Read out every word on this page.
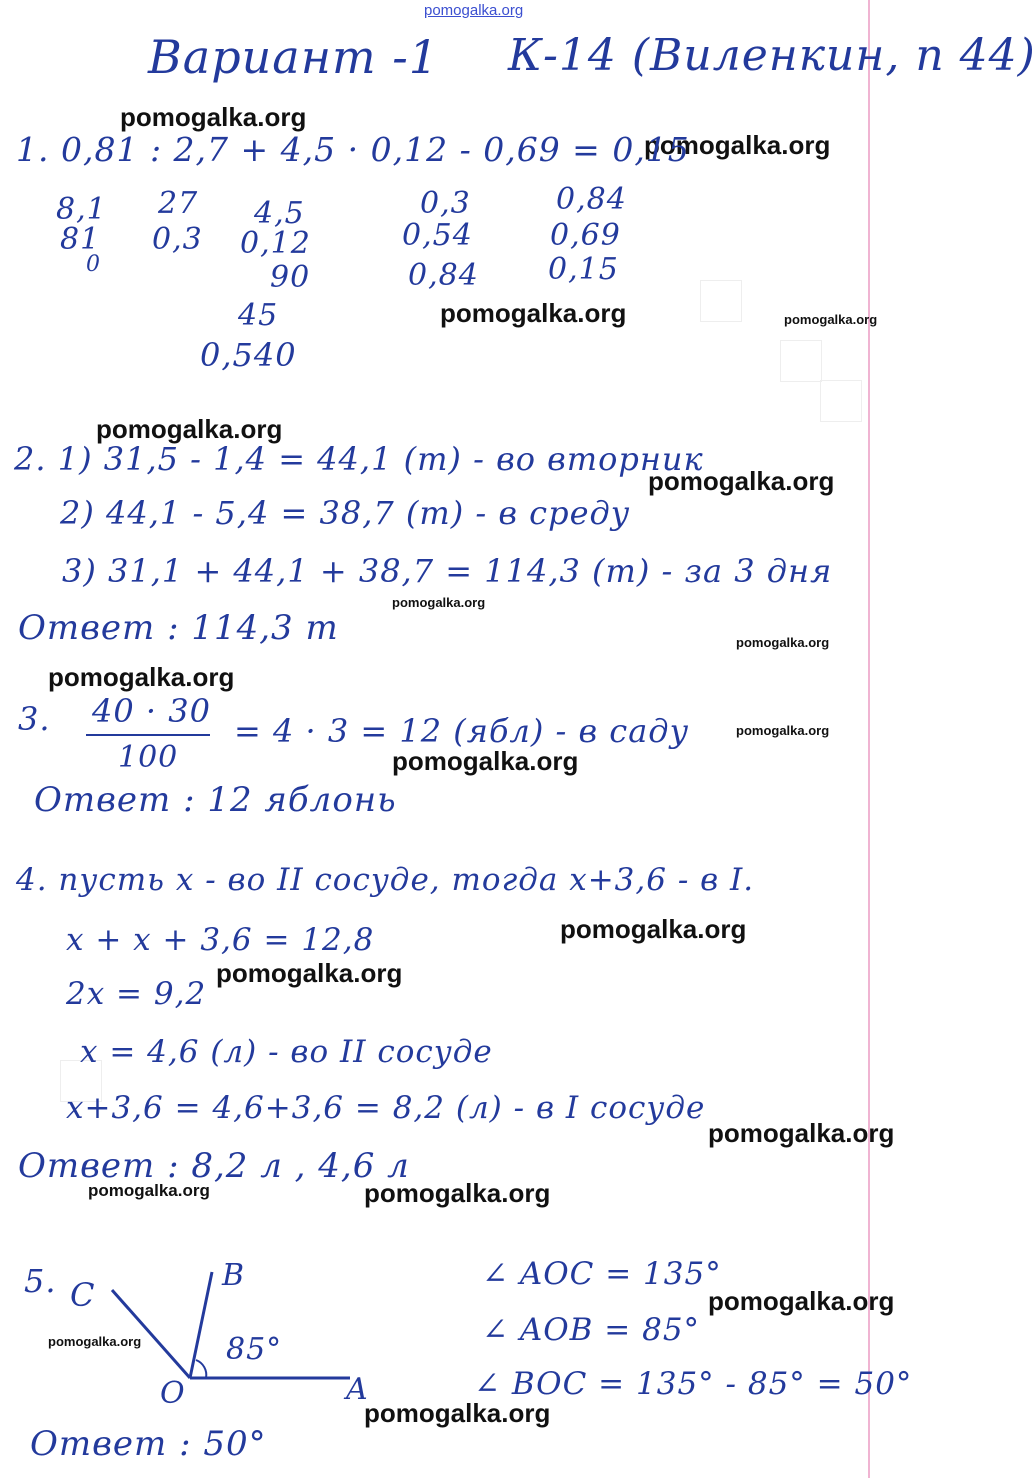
pomogalka.org
pomogalka.org
pomogalka.org
pomogalka.org	pomogalka.org
pomogalka.org
pomogalka.org
pomogalka.org
pomogalka.org
pomogalka.org
pomogalka.org
pomogalka.org
pomogalka.org
pomogalka.org
pomogalka.org
pomogalka.org	pomogalka.org
pomogalka.org
pomogalka.org
pomogalka.org
Вариант -1 К-14 (Виленкин, п 44)
1. 0,81 : 2,7 + 4,5 · 0,12 - 0,69 = 0,15
8,1
81
0
27
0,3
4,5
0,12
90
45
0,540
0,3
0,54
0,84
0,84
0,69
0,15
2. 1) 31,5 - 1,4 = 44,1 (т) - во вторник
2) 44,1 - 5,4 = 38,7 (т) - в среду
3) 31,1 + 44,1 + 38,7 = 114,3 (т) - за 3 дня
Ответ : 114,3 т
3. 40 · 30
100
= 4 · 3 = 12 (ябл) - в саду
Ответ : 12 яблонь
4. пусть х - во II сосуде, тогда х+3,6 - в I.
х + х + 3,6 = 12,8
2х = 9,2
х = 4,6 (л) - во II сосуде
х+3,6 = 4,6+3,6 = 8,2 (л) - в I сосуде
Ответ : 8,2 л , 4,6 л
5. C
B
O	A
85°
∠ AOC = 135°
∠ AOB = 85°
∠ BOC = 135° - 85° = 50°
Ответ : 50°
